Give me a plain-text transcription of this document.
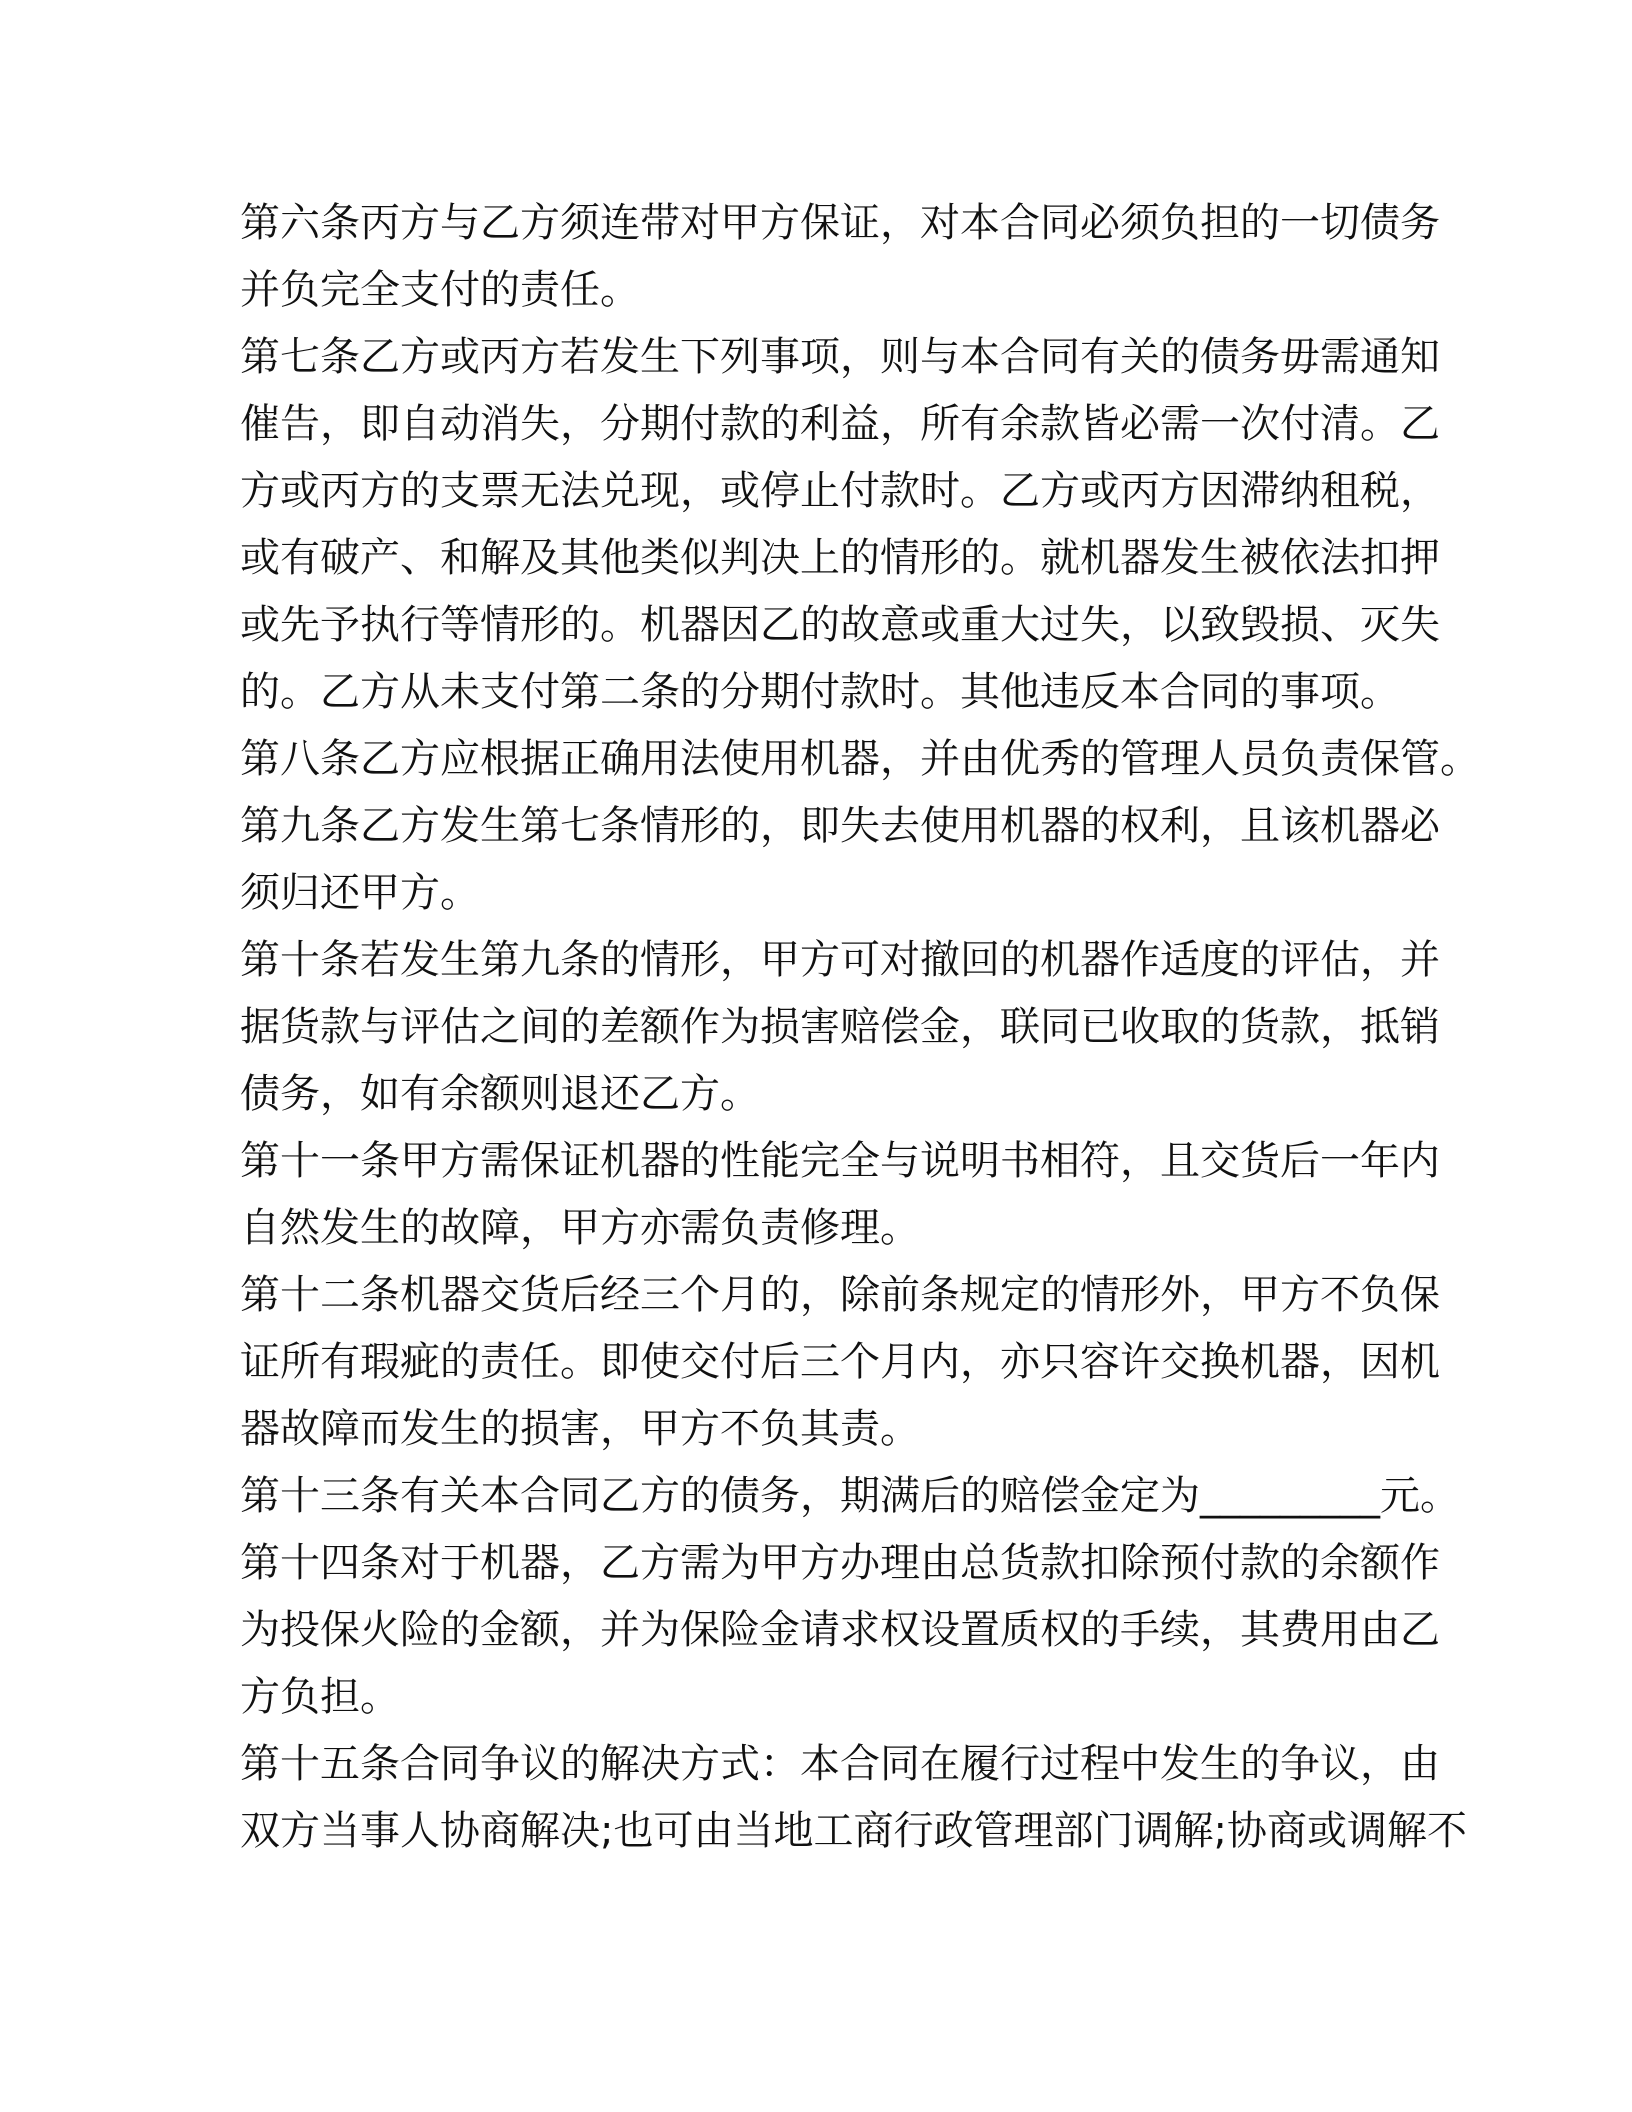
第六条丙方与乙方须连带对甲方保证，对本合同必须负担的一切债务
并负完全支付的责任。
第七条乙方或丙方若发生下列事项，则与本合同有关的债务毋需通知
催告，即自动消失，分期付款的利益，所有余款皆必需一次付清。乙
方或丙方的支票无法兑现，或停止付款时。乙方或丙方因滞纳租税，
或有破产、和解及其他类似判决上的情形的。就机器发生被依法扣押
或先予执行等情形的。机器因乙的故意或重大过失，以致毁损、灭失
的。乙方从未支付第二条的分期付款时。其他违反本合同的事项。
第八条乙方应根据正确用法使用机器，并由优秀的管理人员负责保管。
第九条乙方发生第七条情形的，即失去使用机器的权利，且该机器必
须归还甲方。
第十条若发生第九条的情形，甲方可对撤回的机器作适度的评估，并
据货款与评估之间的差额作为损害赔偿金，联同已收取的货款，抵销
债务，如有余额则退还乙方。
第十一条甲方需保证机器的性能完全与说明书相符，且交货后一年内
自然发生的故障，甲方亦需负责修理。
第十二条机器交货后经三个月的，除前条规定的情形外，甲方不负保
证所有瑕疵的责任。即使交付后三个月内，亦只容许交换机器，因机
器故障而发生的损害，甲方不负其责。
第十三条有关本合同乙方的债务，期满后的赔偿金定为_________元。
第十四条对于机器，乙方需为甲方办理由总货款扣除预付款的余额作
为投保火险的金额，并为保险金请求权设置质权的手续，其费用由乙
方负担。
第十五条合同争议的解决方式：本合同在履行过程中发生的争议，由
双方当事人协商解决;也可由当地工商行政管理部门调解;协商或调解不
